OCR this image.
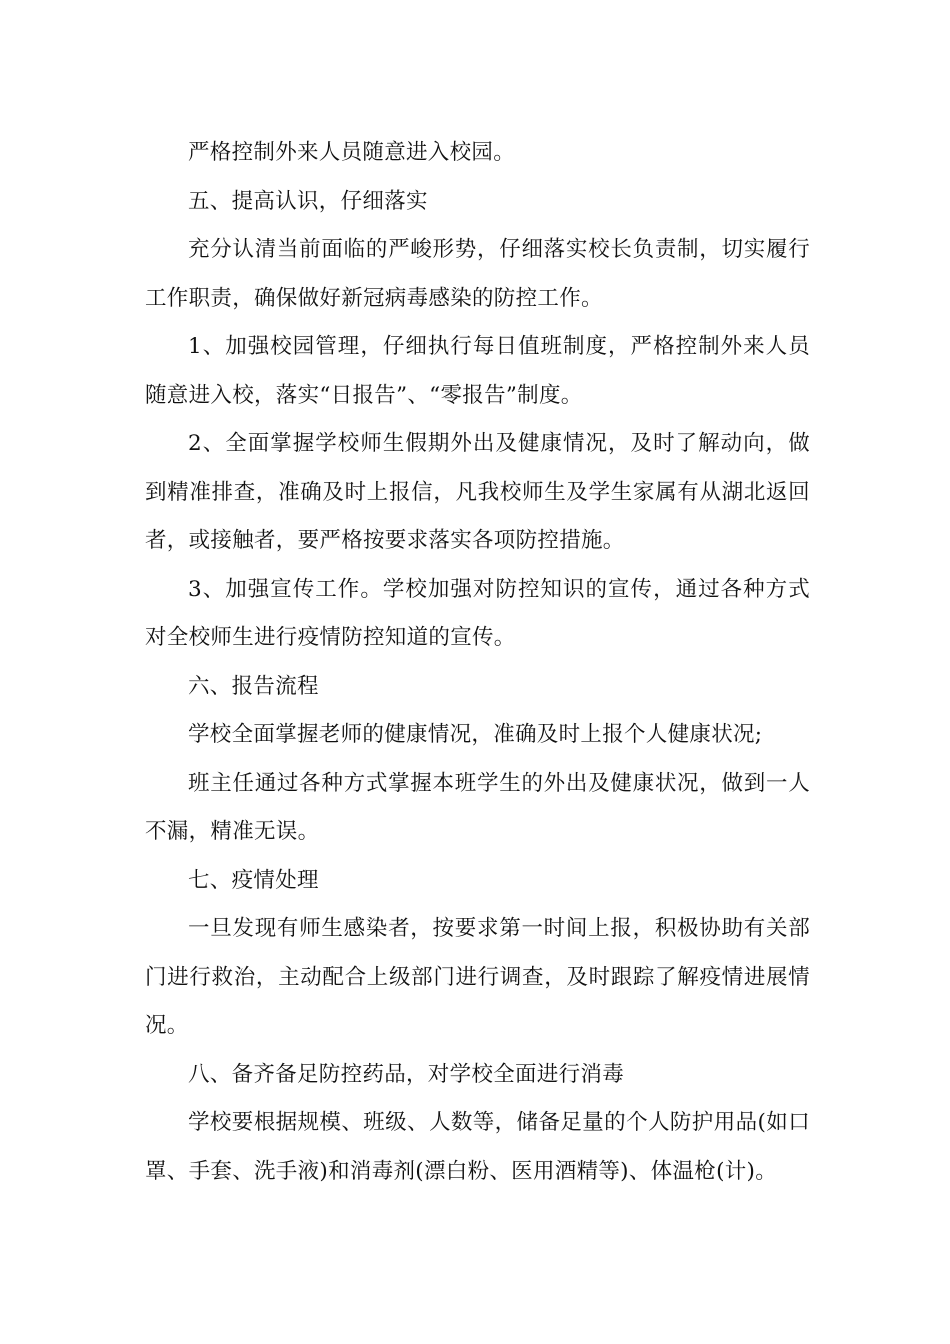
严格控制外来人员随意进入校园。

五、提高认识，仔细落实

充分认清当前面临的严峻形势，仔细落实校长负责制，切实履行工作职责，确保做好新冠病毒感染的防控工作。

1、加强校园管理，仔细执行每日值班制度，严格控制外来人员随意进入校，落实“日报告”、“零报告”制度。

2、全面掌握学校师生假期外出及健康情况，及时了解动向，做到精准排查，准确及时上报信，凡我校师生及学生家属有从湖北返回者，或接触者，要严格按要求落实各项防控措施。

3、加强宣传工作。学校加强对防控知识的宣传，通过各种方式对全校师生进行疫情防控知道的宣传。

六、报告流程

学校全面掌握老师的健康情况，准确及时上报个人健康状况;

班主任通过各种方式掌握本班学生的外出及健康状况，做到一人不漏，精准无误。

七、疫情处理

一旦发现有师生感染者，按要求第一时间上报，积极协助有关部门进行救治，主动配合上级部门进行调查，及时跟踪了解疫情进展情况。

八、备齐备足防控药品，对学校全面进行消毒

学校要根据规模、班级、人数等，储备足量的个人防护用品(如口罩、手套、洗手液)和消毒剂(漂白粉、医用酒精等)、体温枪(计)。
